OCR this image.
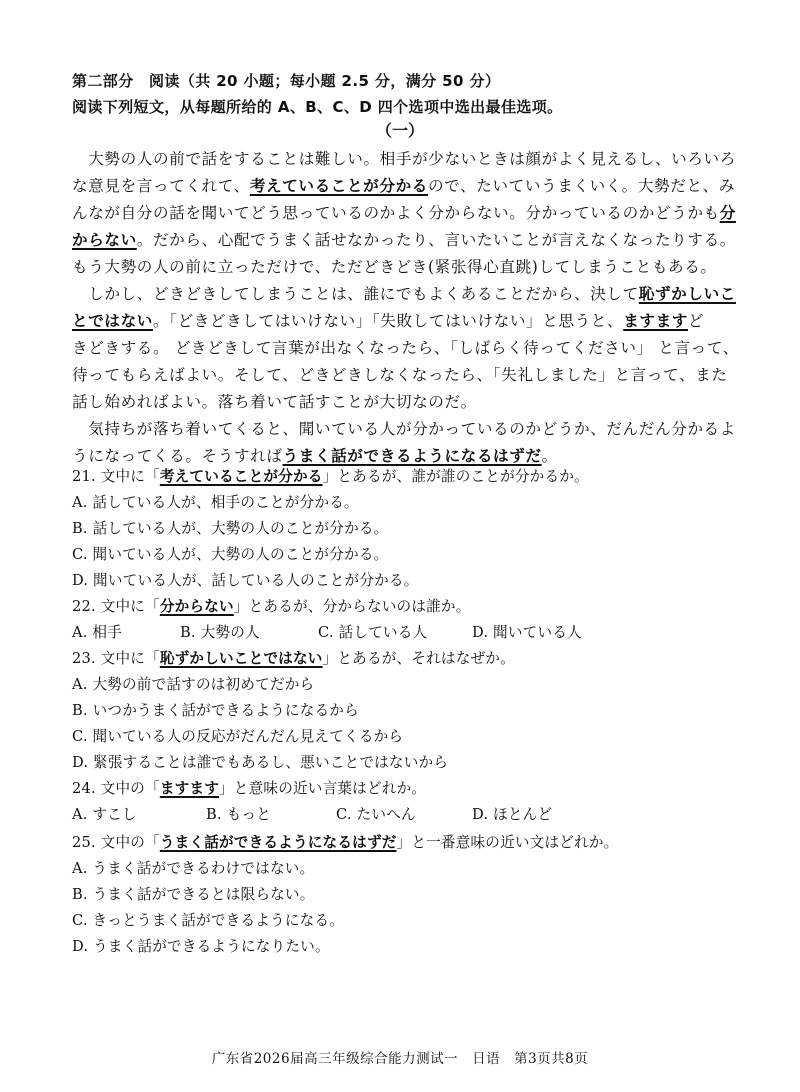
第二部分　阅读（共 20 小题；每小题 2.5 分，满分 50 分）
阅读下列短文，从每题所给的 A、B、C、D 四个选项中选出最佳选项。
（一）
　大勢の人の前で話をすることは難しい。相手が少ないときは顔がよく見えるし、いろいろ
な意見を言ってくれて、考えていることが分かるので、たいていうまくいく。大勢だと、み
んなが自分の話を聞いてどう思っているのかよく分からない。分かっているのかどうかも分
からない。だから、心配でうまく話せなかったり、言いたいことが言えなくなったりする。
もう大勢の人の前に立っただけで、ただどきどき(紧张得心直跳)してしまうこともある。
　しかし、どきどきしてしまうことは、誰にでもよくあることだから、決して恥ずかしいこ
とではない。「どきどきしてはいけない」「失敗してはいけない」と思うと、ますますど
きどきする。 どきどきして言葉が出なくなったら、「しばらく待ってください」 と言って、
待ってもらえばよい。そして、どきどきしなくなったら、「失礼しました」と言って、また
話し始めればよい。落ち着いて話すことが大切なのだ。
　気持ちが落ち着いてくると、聞いている人が分かっているのかどうか、だんだん分かるよ
うになってくる。そうすればうまく話ができるようになるはずだ。
21. 文中に「考えていることが分かる」とあるが、誰が誰のことが分かるか。
A. 話している人が、相手のことが分かる。
B. 話している人が、大勢の人のことが分かる。
C. 聞いている人が、大勢の人のことが分かる。
D. 聞いている人が、話している人のことが分かる。
22. 文中に「分からない」とあるが、分からないのは誰か。
A. 相手	B. 大勢の人	C. 話している人	D. 聞いている人
23. 文中に「恥ずかしいことではない」とあるが、それはなぜか。
A. 大勢の前で話すのは初めてだから
B. いつかうまく話ができるようになるから
C. 聞いている人の反応がだんだん見えてくるから
D. 緊張することは誰でもあるし、悪いことではないから
24. 文中の「ますます」と意味の近い言葉はどれか。
A. すこし	B. もっと	C. たいへん	D. ほとんど
25. 文中の「うまく話ができるようになるはずだ」と一番意味の近い文はどれか。
A. うまく話ができるわけではない。
B. うまく話ができるとは限らない。
C. きっとうまく話ができるようになる。
D. うまく話ができるようになりたい。
广东省2026届高三年级综合能力测试一　日语　第3页共8页
